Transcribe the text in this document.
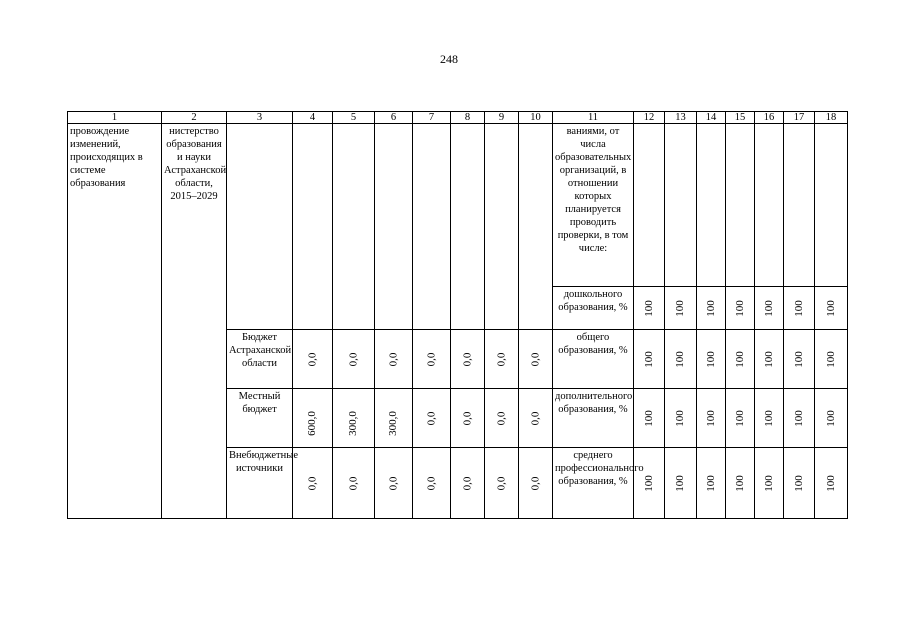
248
1	2	3	4	5	6	7	8	9	10	11	12	13	14	15	16	17	18
провождение изменений, происходящих в системе образования	нистерство образования и науки Астраханской области, 2015–2029									ваниями, от числа образовательных организаций, в отношении которых планируется проводить проверки, в том числе:							
										дошкольного образования, %	100	100	100	100	100	100	100
		Бюджет Астраханской области	0,0	0,0	0,0	0,0	0,0	0,0	0,0	общего образования, %	100	100	100	100	100	100	100
		Местный бюджет	600,0	300,0	300,0	0,0	0,0	0,0	0,0	дополнительного образования, %	100	100	100	100	100	100	100
		Внебюджетные источники	0,0	0,0	0,0	0,0	0,0	0,0	0,0	среднего профессионального образования, %	100	100	100	100	100	100	100
